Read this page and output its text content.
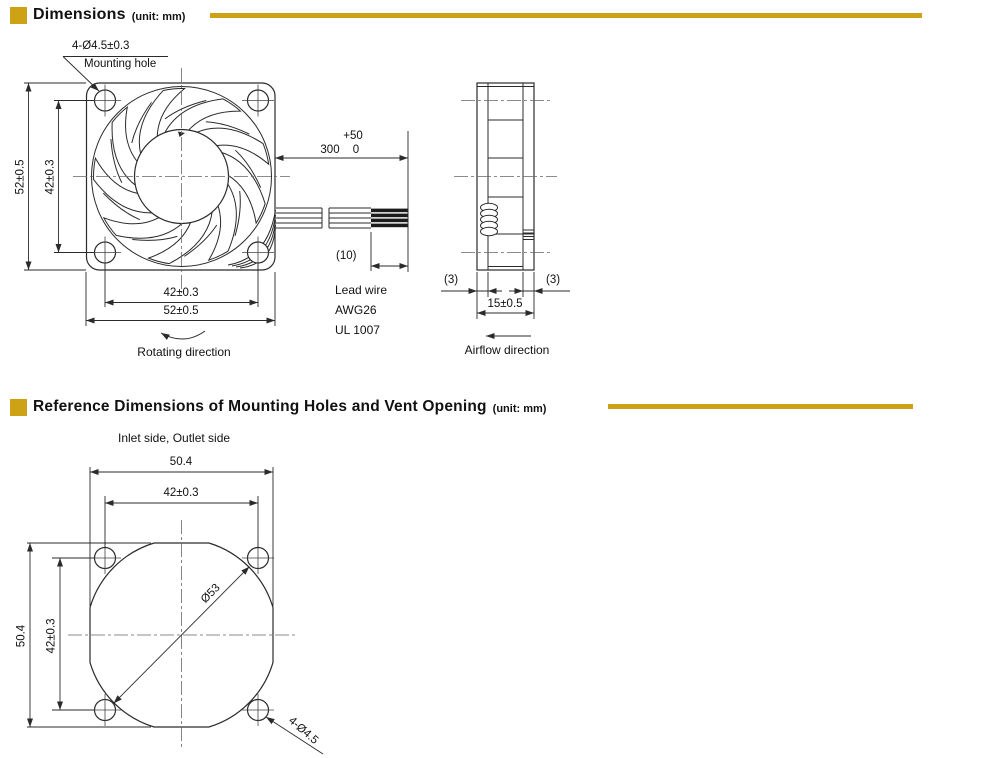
Dimensions (unit: mm)
Reference Dimensions of Mounting Holes and Vent Opening (unit: mm)
4-Ø4.5±0.3
Mounting hole
52±0.5 42±0.3
42±0.3
52±0.5
Rotating direction
300
+50
0
(10)
Lead wire
AWG26
UL 1007
(3)	(3)
15±0.5
Airflow direction
Inlet side, Outlet side
50.4
42±0.3
50.4 42±0.3
Ø53
4-Ø4.5
